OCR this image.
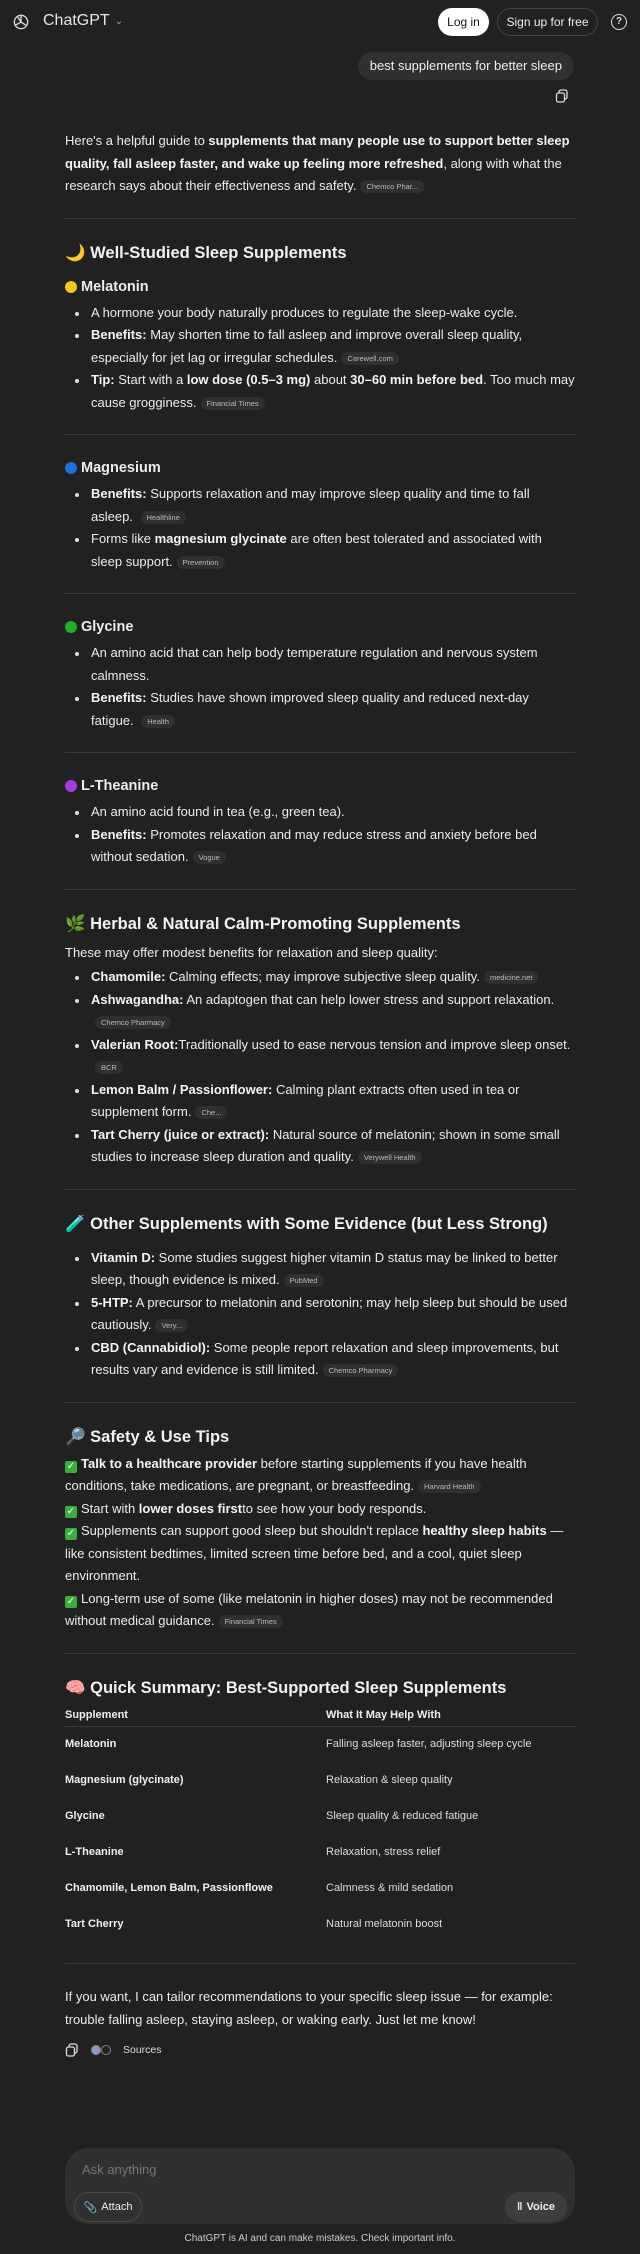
ChatGPT ⌄	Log in	Sign up for free	?
best supplements for better sleep

Here's a helpful guide to supplements that many people use to support better sleep quality, fall asleep faster, and wake up feeling more refreshed, along with what the research says about their effectiveness and safety. Chemco Phar...

🌙 Well-Studied Sleep Supplements
Melatonin
A hormone your body naturally produces to regulate the sleep-wake cycle.
Benefits: May shorten time to fall asleep and improve overall sleep quality, especially for jet lag or irregular schedules. Carewell.com
Tip: Start with a low dose (0.5–3 mg) about 30–60 min before bed. Too much may cause grogginess. Financial Times
Magnesium
Benefits: Supports relaxation and may improve sleep quality and time to fall asleep. Healthline
Forms like magnesium glycinate are often best tolerated and associated with sleep support. Prevention
Glycine
An amino acid that can help body temperature regulation and nervous system calmness.
Benefits: Studies have shown improved sleep quality and reduced next-day fatigue. Health
L-Theanine
An amino acid found in tea (e.g., green tea).
Benefits: Promotes relaxation and may reduce stress and anxiety before bed without sedation. Vogue
🌿 Herbal & Natural Calm-Promoting Supplements

These may offer modest benefits for relaxation and sleep quality:

Chamomile: Calming effects; may improve subjective sleep quality. medicine.net
Ashwagandha: An adaptogen that can help lower stress and support relaxation. Chemco Pharmacy
Valerian Root:Traditionally used to ease nervous tension and improve sleep onset. BCR
Lemon Balm / Passionflower: Calming plant extracts often used in tea or supplement form. Che...
Tart Cherry (juice or extract): Natural source of melatonin; shown in some small studies to increase sleep duration and quality. Verywell Health
🧪 Other Supplements with Some Evidence (but Less Strong)
Vitamin D: Some studies suggest higher vitamin D status may be linked to better sleep, though evidence is mixed. PubMed
5-HTP: A precursor to melatonin and serotonin; may help sleep but should be used cautiously. Very...
CBD (Cannabidiol): Some people report relaxation and sleep improvements, but results vary and evidence is still limited. Chemco Pharmacy
🔎 Safety & Use Tips
✓ Talk to a healthcare provider before starting supplements if you have health conditions, take medications, are pregnant, or breastfeeding. Harvard Health
✓ Start with lower doses firstto see how your body responds.
✓ Supplements can support good sleep but shouldn't replace healthy sleep habits — like consistent bedtimes, limited screen time before bed, and a cool, quiet sleep environment.
✓ Long-term use of some (like melatonin in higher doses) may not be recommended without medical guidance. Financial Times
🧠 Quick Summary: Best-Supported Sleep Supplements
Supplement	What It May Help With
Melatonin	Falling asleep faster, adjusting sleep cycle
Magnesium (glycinate)	Relaxation & sleep quality
Glycine	Sleep quality & reduced fatigue
L-Theanine	Relaxation, stress relief
Chamomile, Lemon Balm, Passionflowe	Calmness & mild sedation
Tart Cherry	Natural melatonin boost

If you want, I can tailor recommendations to your specific sleep issue — for example: trouble falling asleep, staying asleep, or waking early. Just let me know!

Sources
Ask anything
📎 Attach	‖ Voice
ChatGPT is AI and can make mistakes. Check important info.
